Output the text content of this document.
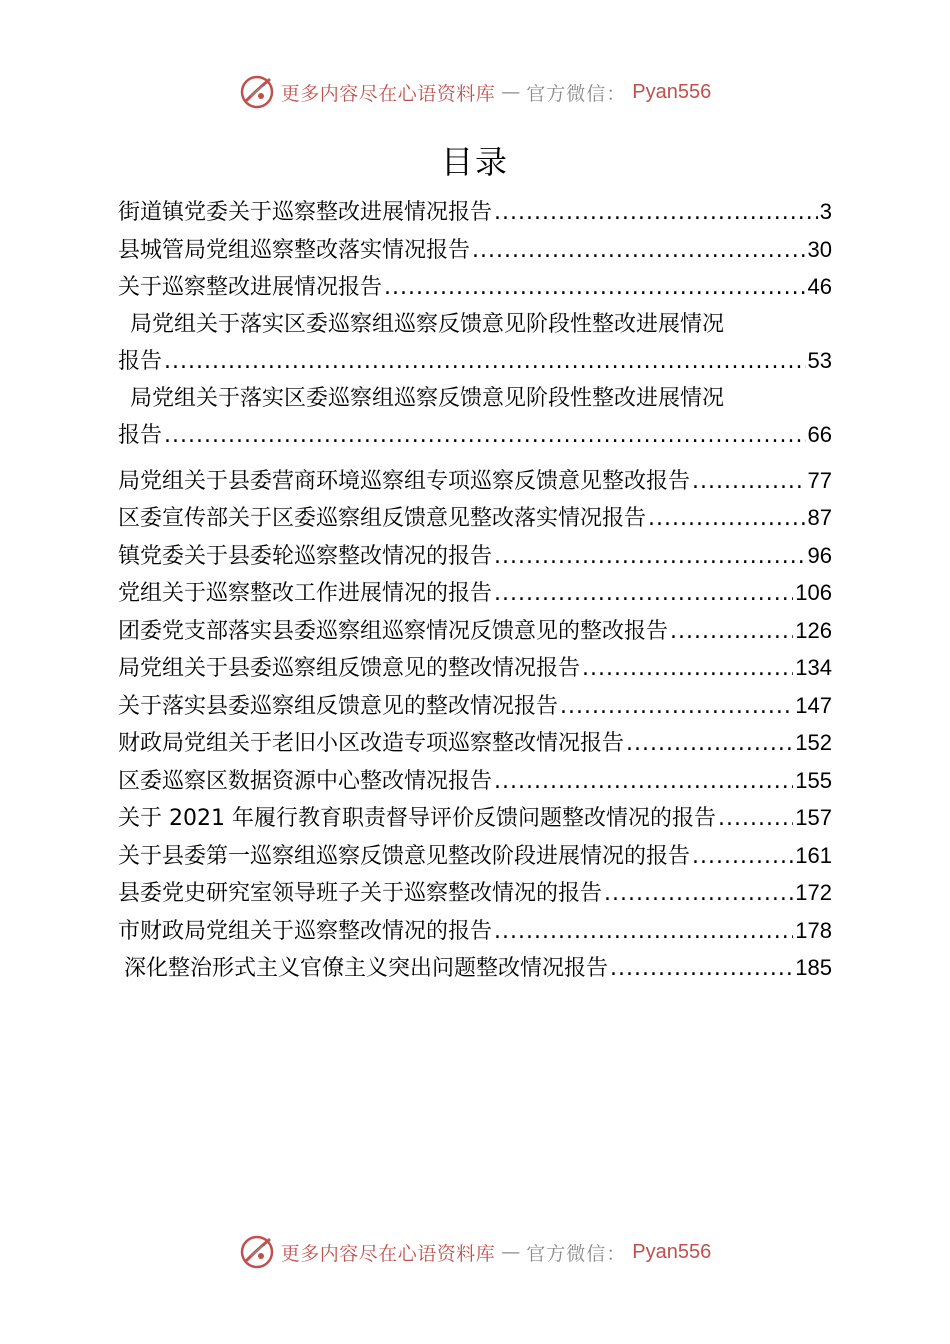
更多内容尽在心语资料库 — 官方微信： Pyan556
目录
街道镇党委关于巡察整改进展情况报告 .....	3
县城管局党组巡察整改落实情况报告 .....	30
关于巡察整改进展情况报告 .....	46
局党组关于落实区委巡察组巡察反馈意见阶段性整改进展情况
报告 .....	53
局党组关于落实区委巡察组巡察反馈意见阶段性整改进展情况
报告 .....	66
局党组关于县委营商环境巡察组专项巡察反馈意见整改报告 .....	77
区委宣传部关于区委巡察组反馈意见整改落实情况报告 .....	87
镇党委关于县委轮巡察整改情况的报告 .....	96
党组关于巡察整改工作进展情况的报告 .....	106
团委党支部落实县委巡察组巡察情况反馈意见的整改报告 .....	126
局党组关于县委巡察组反馈意见的整改情况报告 .....	134
关于落实县委巡察组反馈意见的整改情况报告 .....	147
财政局党组关于老旧小区改造专项巡察整改情况报告 .....	152
区委巡察区数据资源中心整改情况报告 .....	155
关于 2021 年履行教育职责督导评价反馈问题整改情况的报告 .....	157
关于县委第一巡察组巡察反馈意见整改阶段进展情况的报告 .....	161
县委党史研究室领导班子关于巡察整改情况的报告 .....	172
市财政局党组关于巡察整改情况的报告 .....	178
深化整治形式主义官僚主义突出问题整改情况报告 .....	185
更多内容尽在心语资料库 — 官方微信： Pyan556
